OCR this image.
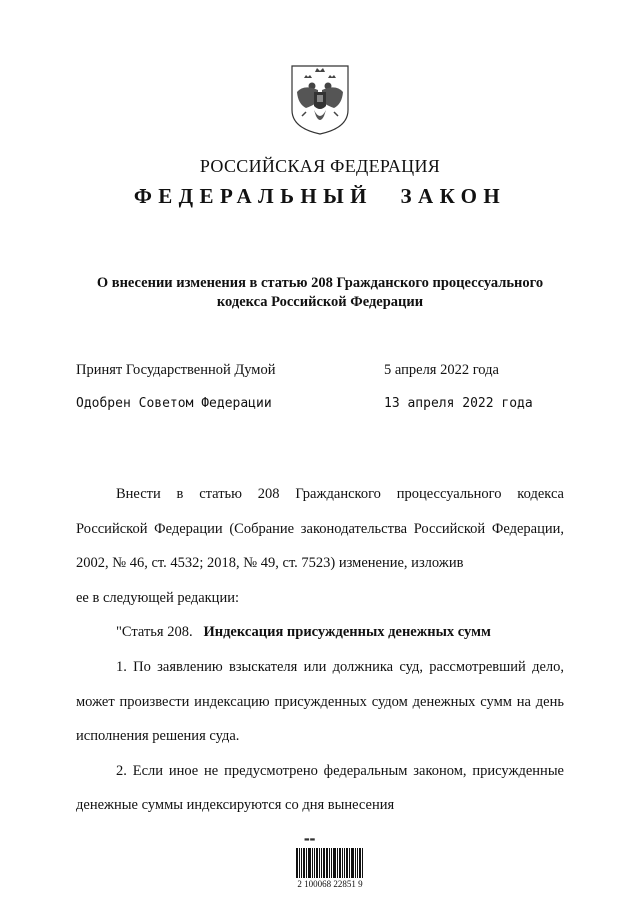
РОССИЙСКАЯ ФЕДЕРАЦИЯ
ФЕДЕРАЛЬНЫЙ ЗАКОН
О внесении изменения в статью 208 Гражданского процессуального
кодекса Российской Федерации
Принят Государственной Думой	5 апреля 2022 года
Одобрен Советом Федерации	13 апреля 2022 года

Внести в статью 208 Гражданского процессуального кодекса Российской Федерации (Собрание законодательства Российской Федерации, 2002, № 46, ст. 4532; 2018, № 49, ст. 7523) изменение, изложив

ее в следующей редакции:

"Статья 208. Индексация присужденных денежных сумм

1. По заявлению взыскателя или должника суд, рассмотревший дело, может произвести индексацию присужденных судом денежных сумм на день исполнения решения суда.

2. Если иное не предусмотрено федеральным законом, присужденные денежные суммы индексируются со дня вынесения

▬▬
2 100068 22851 9
